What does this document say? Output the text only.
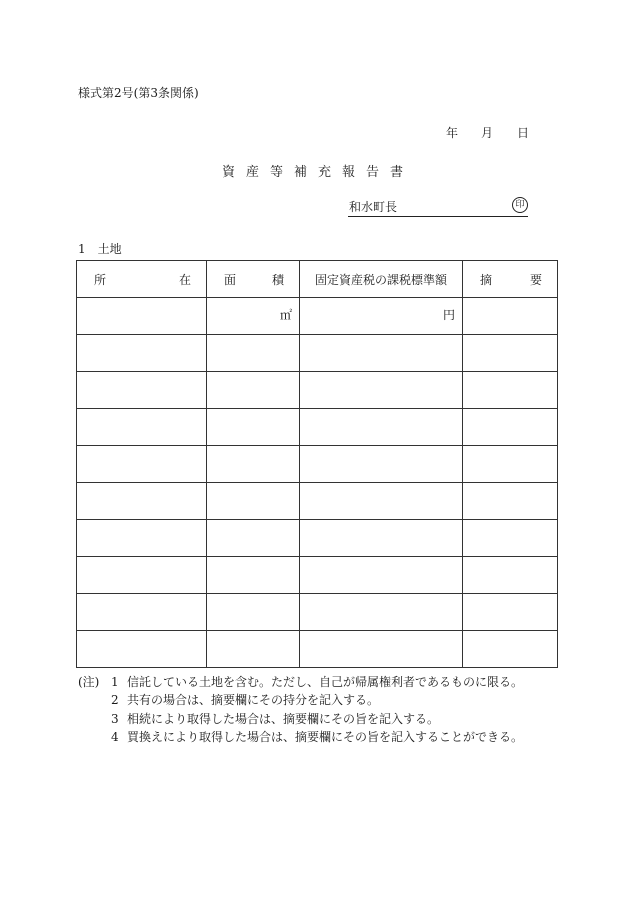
様式第2号(第3条関係)
年 月 日
資産等補充報告書
和水町長	印
1　土地
所 在	面 積	固定資産税の課税標準額	摘 要

	㎡	円	

(注) 1 信託している土地を含む。ただし、自己が帰属権利者であるものに限る。
2 共有の場合は、摘要欄にその持分を記入する。
3 相続により取得した場合は、摘要欄にその旨を記入する。
4 買換えにより取得した場合は、摘要欄にその旨を記入することができる。
